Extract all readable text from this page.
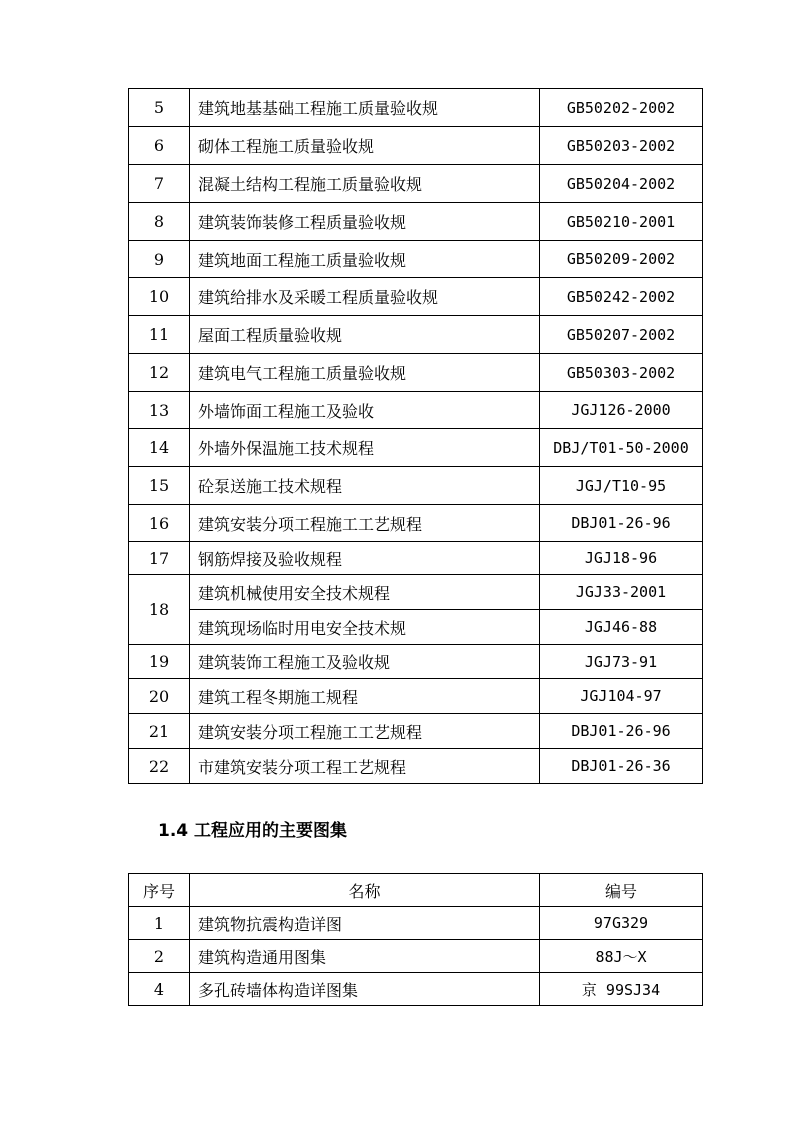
5	建筑地基基础工程施工质量验收规	GB50202-2002
6	砌体工程施工质量验收规	GB50203-2002
7	混凝土结构工程施工质量验收规	GB50204-2002
8	建筑装饰装修工程质量验收规	GB50210-2001
9	建筑地面工程施工质量验收规	GB50209-2002
10	建筑给排水及采暖工程质量验收规	GB50242-2002
11	屋面工程质量验收规	GB50207-2002
12	建筑电气工程施工质量验收规	GB50303-2002
13	外墙饰面工程施工及验收	JGJ126-2000
14	外墙外保温施工技术规程	DBJ/T01-50-2000
15	砼泵送施工技术规程	JGJ/T10-95
16	建筑安装分项工程施工工艺规程	DBJ01-26-96
17	钢筋焊接及验收规程	JGJ18-96
18	建筑机械使用安全技术规程	JGJ33-2001
	建筑现场临时用电安全技术规	JGJ46-88
19	建筑装饰工程施工及验收规	JGJ73-91
20	建筑工程冬期施工规程	JGJ104-97
21	建筑安装分项工程施工工艺规程	DBJ01-26-96
22	市建筑安装分项工程工艺规程	DBJ01-26-36
1.4 工程应用的主要图集
序号	名称	编号
1	建筑物抗震构造详图	97G329
2	建筑构造通用图集	88J～X
4	多孔砖墙体构造详图集	京 99SJ34
